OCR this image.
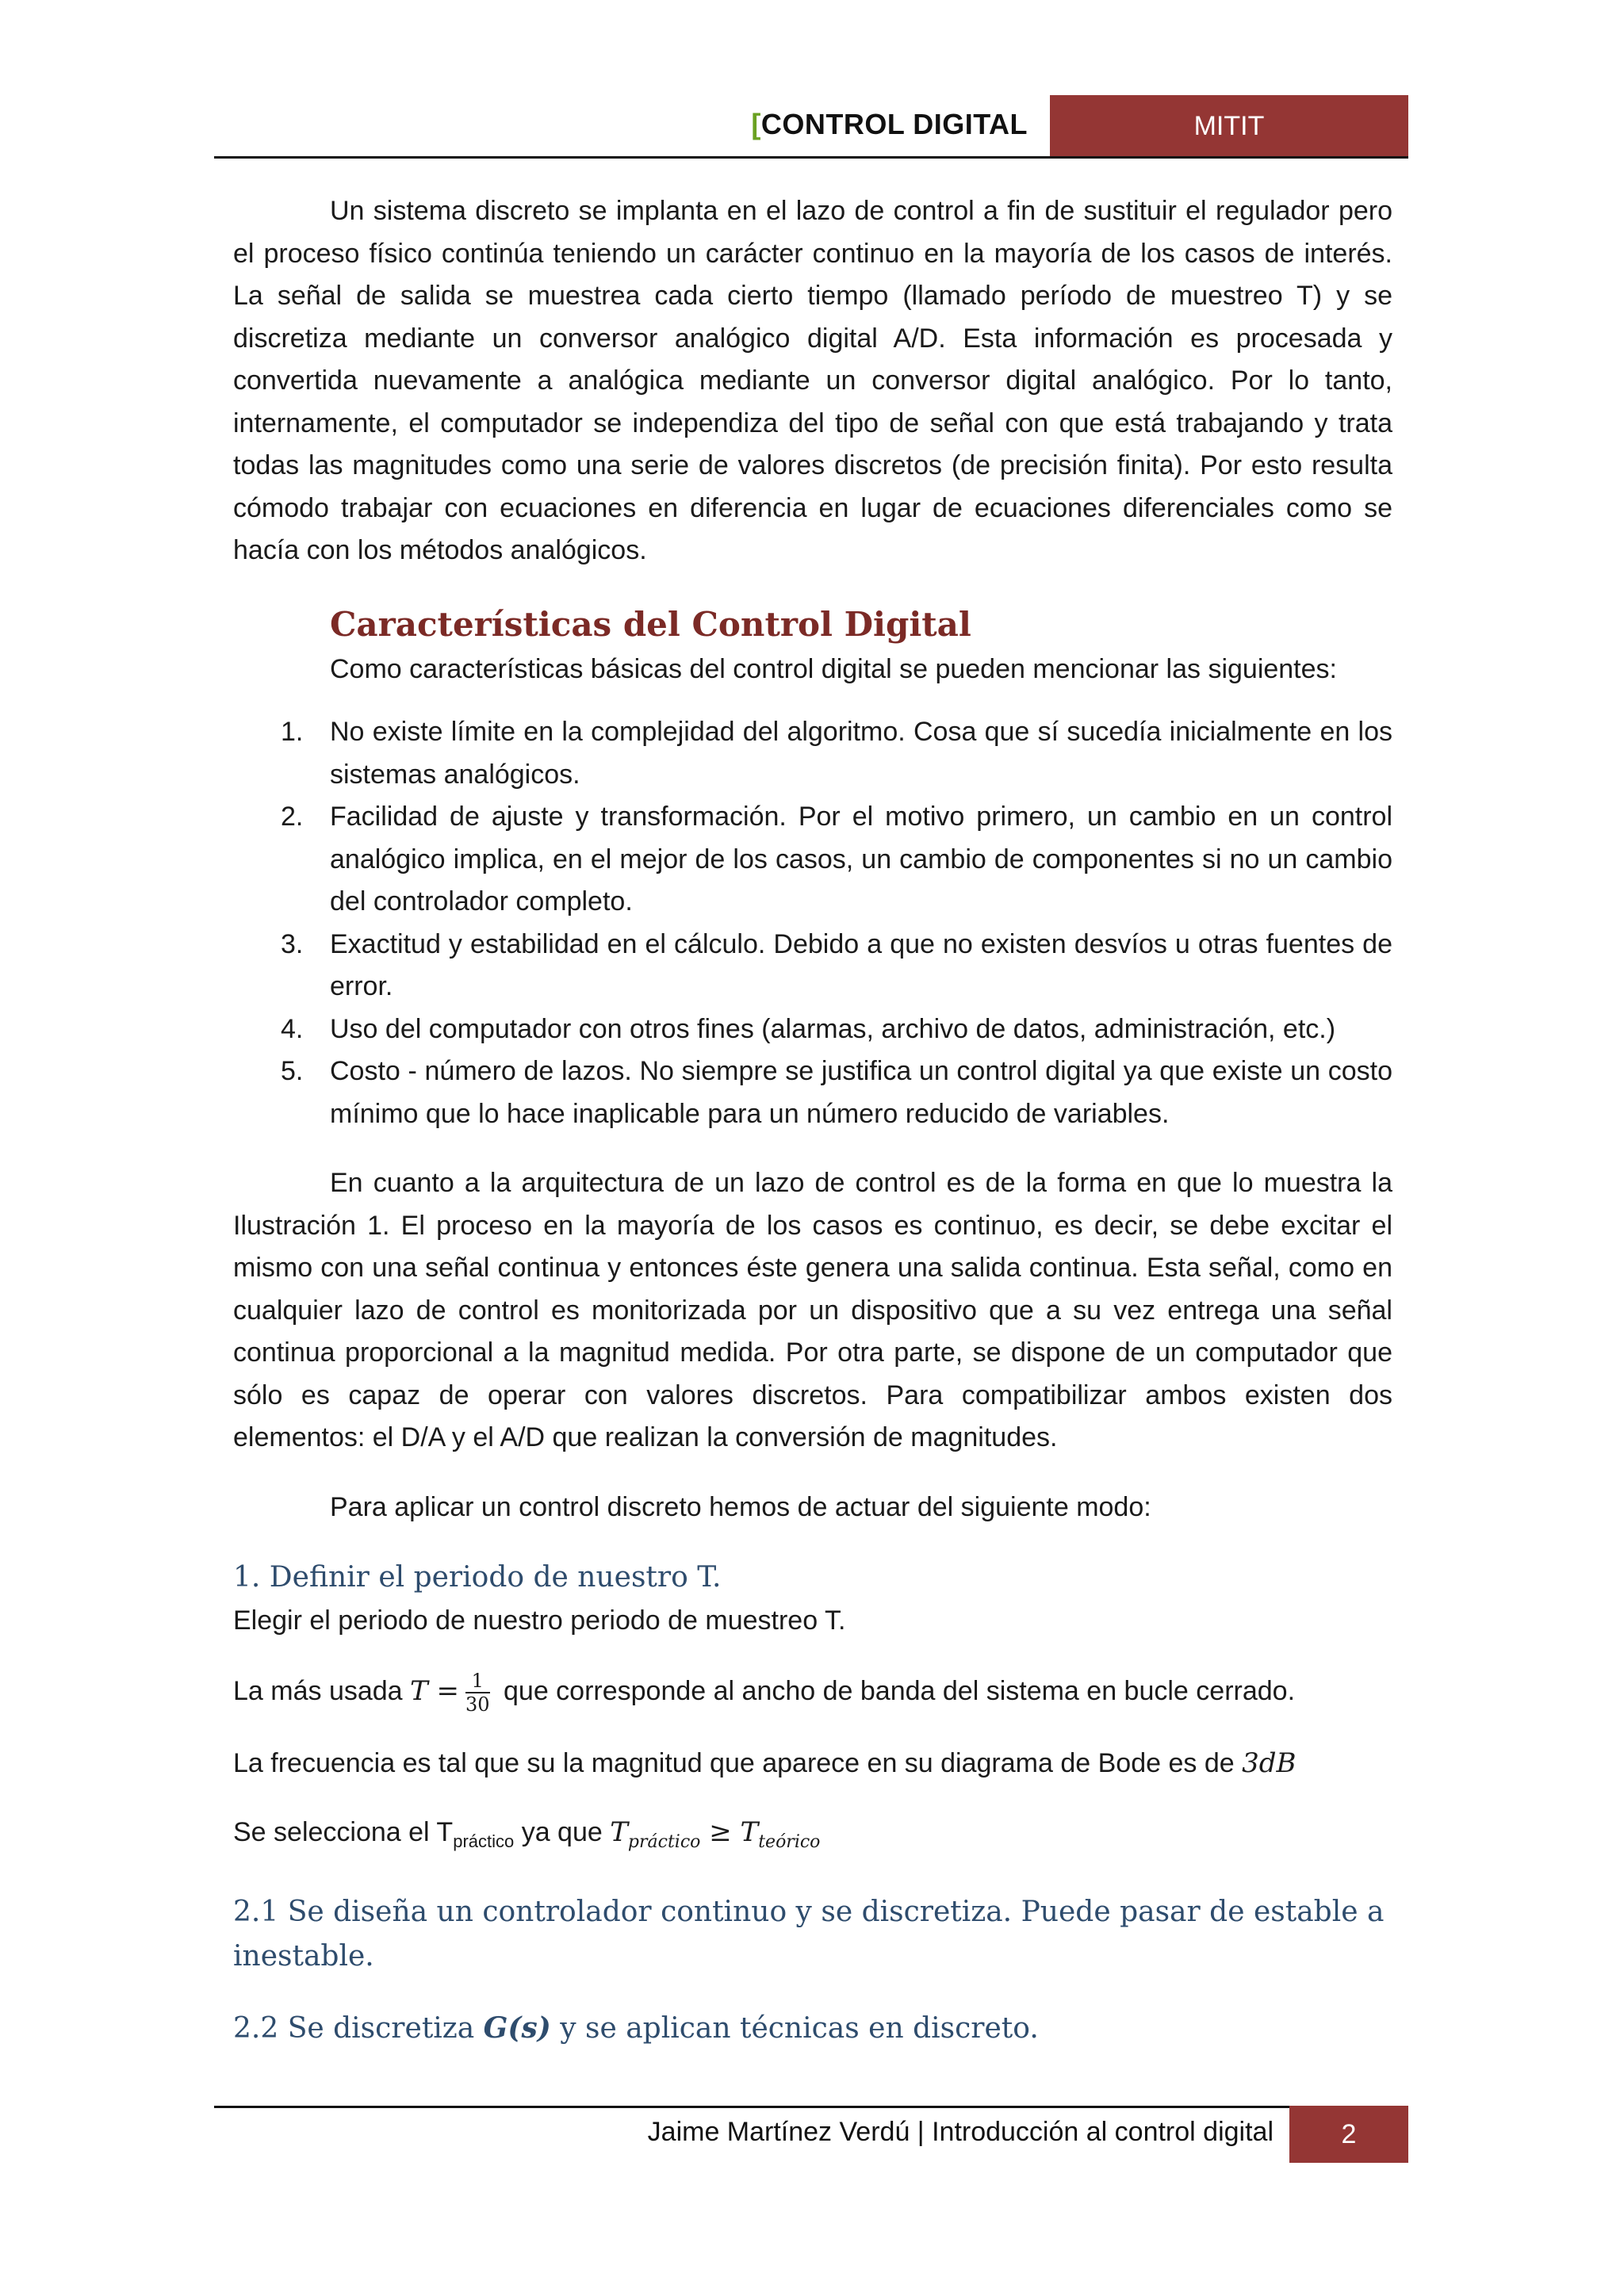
[CONTROL DIGITAL	MITIT

Un sistema discreto se implanta en el lazo de control a fin de sustituir el regulador pero el proceso físico continúa teniendo un carácter continuo en la mayoría de los casos de interés. La señal de salida se muestrea cada cierto tiempo (llamado período de muestreo T) y se discretiza mediante un conversor analógico digital A/D. Esta información es procesada y convertida nuevamente a analógica mediante un conversor digital analógico. Por lo tanto, internamente, el computador se independiza del tipo de señal con que está trabajando y trata todas las magnitudes como una serie de valores discretos (de precisión finita). Por esto resulta cómodo trabajar con ecuaciones en diferencia en lugar de ecuaciones diferenciales como se hacía con los métodos analógicos.

Características del Control Digital

Como características básicas del control digital se pueden mencionar las siguientes:

1. No existe límite en la complejidad del algoritmo. Cosa que sí sucedía inicialmente en los sistemas analógicos.
2. Facilidad de ajuste y transformación. Por el motivo primero, un cambio en un control analógico implica, en el mejor de los casos, un cambio de componentes si no un cambio del controlador completo.
3. Exactitud y estabilidad en el cálculo. Debido a que no existen desvíos u otras fuentes de error.
4. Uso del computador con otros fines (alarmas, archivo de datos, administración, etc.)
5. Costo - número de lazos. No siempre se justifica un control digital ya que existe un costo mínimo que lo hace inaplicable para un número reducido de variables.

En cuanto a la arquitectura de un lazo de control es de la forma en que lo muestra la Ilustración 1. El proceso en la mayoría de los casos es continuo, es decir, se debe excitar el mismo con una señal continua y entonces éste genera una salida continua. Esta señal, como en cualquier lazo de control es monitorizada por un dispositivo que a su vez entrega una señal continua proporcional a la magnitud medida. Por otra parte, se dispone de un computador que sólo es capaz de operar con valores discretos. Para compatibilizar ambos existen dos elementos: el D/A y el A/D que realizan la conversión de magnitudes.

Para aplicar un control discreto hemos de actuar del siguiente modo:

1. Definir el periodo de nuestro T.

Elegir el periodo de nuestro periodo de muestreo T.

La más usada $T = \frac{1}{30}$ que corresponde al ancho de banda del sistema en bucle cerrado.

La frecuencia es tal que su la magnitud que aparece en su diagrama de Bode es de 3dB

Se selecciona el $T_{práctico}$ ya que $T_{práctico} \ge T_{teórico}$

2.1 Se diseña un controlador continuo y se discretiza. Puede pasar de estable a inestable.
2.2 Se discretiza G(s) y se aplican técnicas en discreto.
Jaime Martínez Verdú | Introducción al control digital	2
